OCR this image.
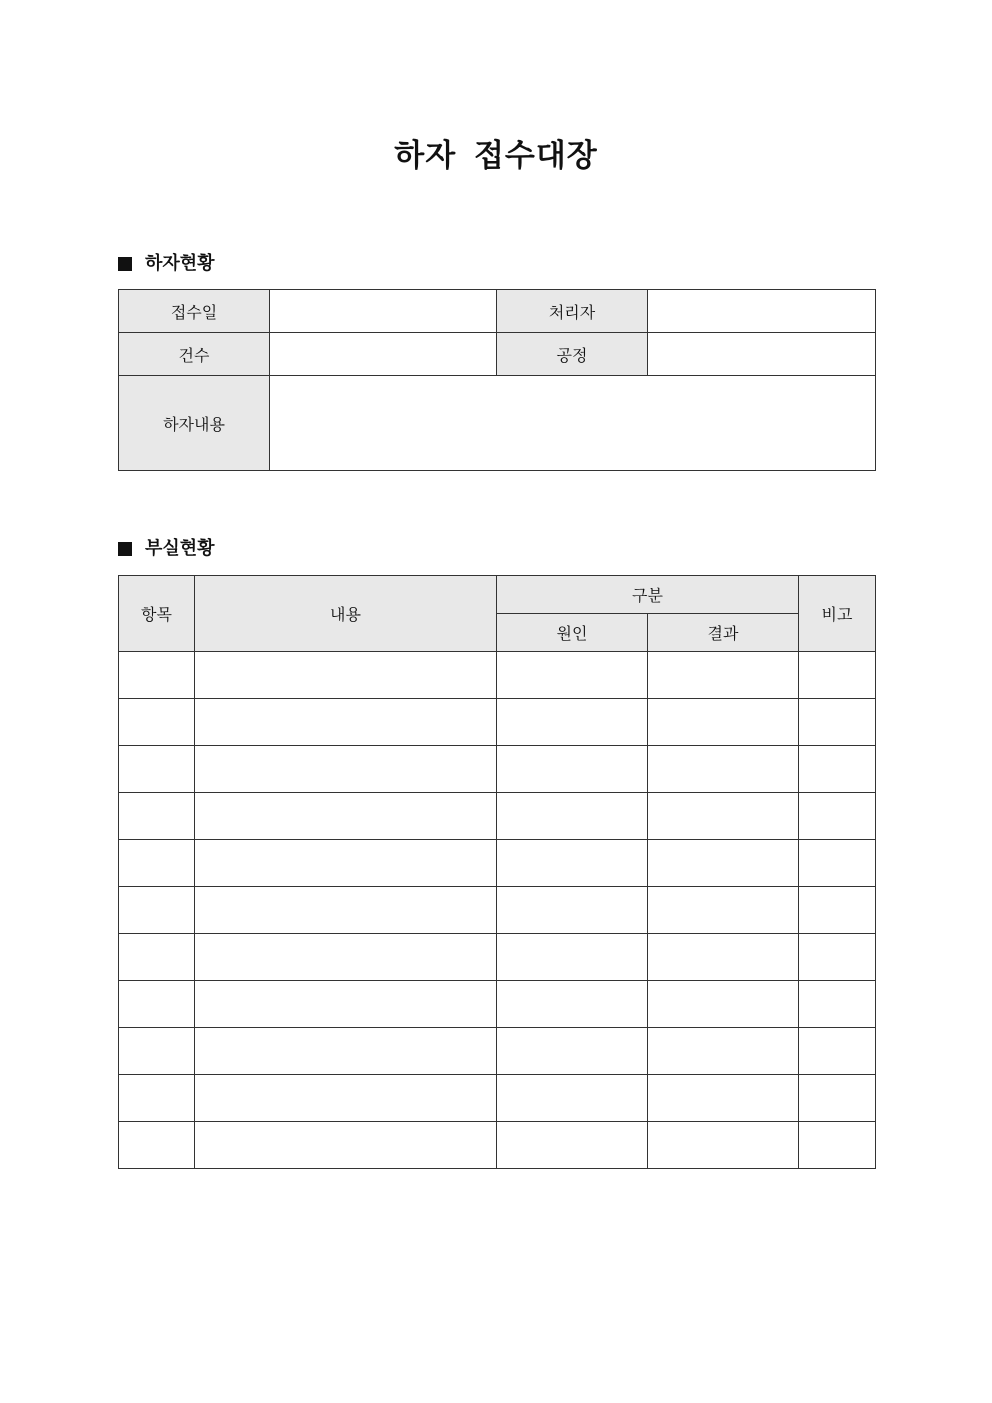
하자 접수대장
하자현황
접수일		처리자	
건수		공정	
하자내용			
부실현황
항목	내용	구분		비고
		원인	결과	
